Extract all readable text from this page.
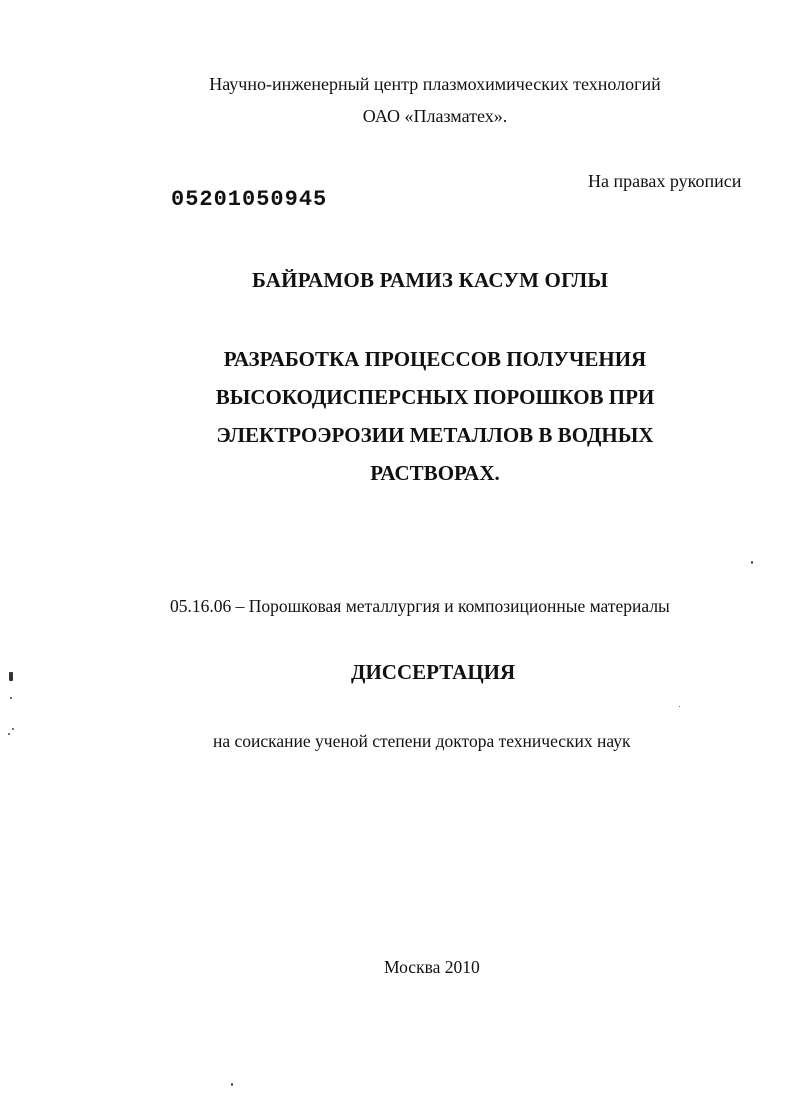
Научно-инженерный центр плазмохимических технологий
ОАО «Плазматех».
На правах рукописи
05201050945
БАЙРАМОВ РАМИЗ КАСУМ ОГЛЫ
РАЗРАБОТКА ПРОЦЕССОВ ПОЛУЧЕНИЯ
ВЫСОКОДИСПЕРСНЫХ ПОРОШКОВ ПРИ
ЭЛЕКТРОЭРОЗИИ МЕТАЛЛОВ В ВОДНЫХ
РАСТВОРАХ.
05.16.06 – Порошковая металлургия и композиционные материалы
ДИССЕРТАЦИЯ
на соискание ученой степени доктора технических наук
Москва 2010
